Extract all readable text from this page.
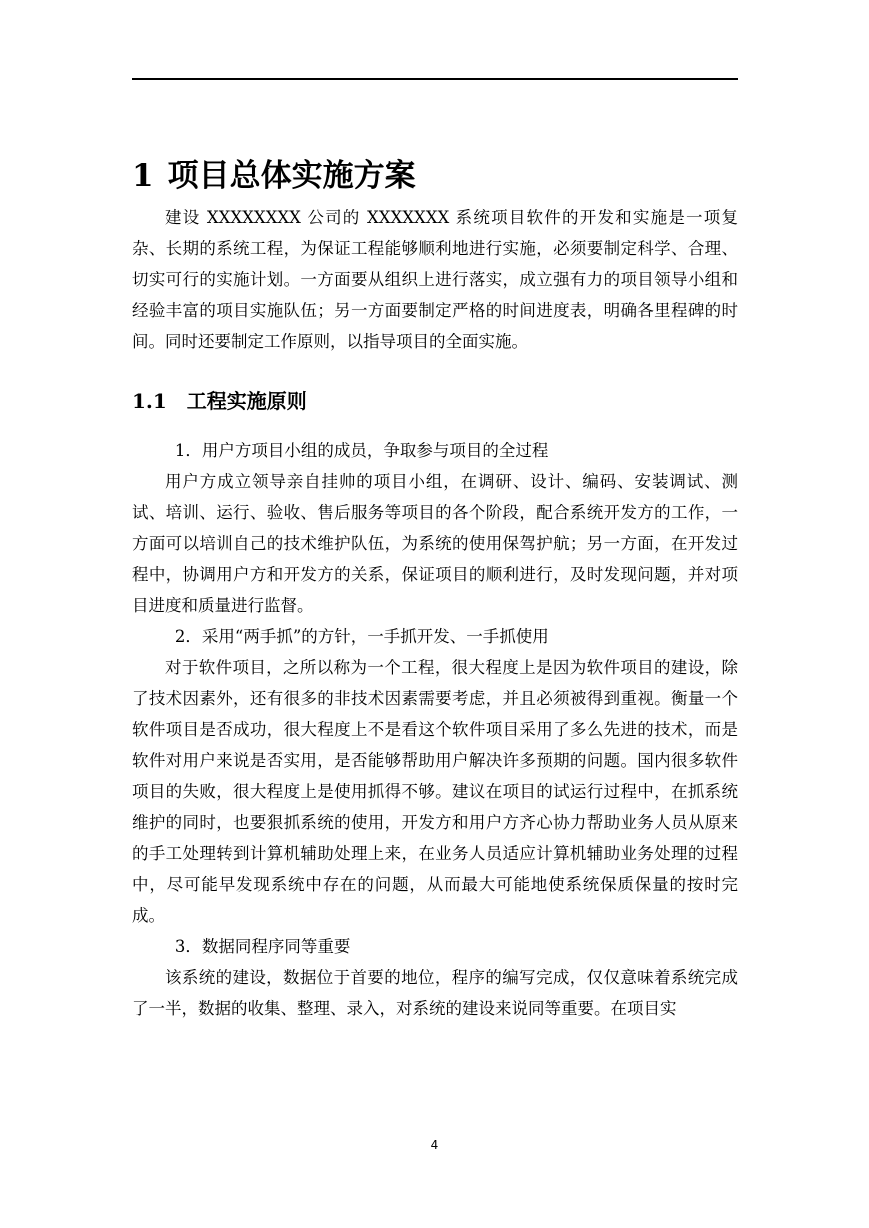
1 项目总体实施方案

建设 XXXXXXXX 公司的 XXXXXXX 系统项目软件的开发和实施是一项复杂、长期的系统工程，为保证工程能够顺利地进行实施，必须要制定科学、合理、切实可行的实施计划。一方面要从组织上进行落实，成立强有力的项目领导小组和经验丰富的项目实施队伍；另一方面要制定严格的时间进度表，明确各里程碑的时间。同时还要制定工作原则，以指导项目的全面实施。

1.1 工程实施原则

1．用户方项目小组的成员，争取参与项目的全过程

用户方成立领导亲自挂帅的项目小组，在调研、设计、编码、安装调试、测试、培训、运行、验收、售后服务等项目的各个阶段，配合系统开发方的工作，一方面可以培训自己的技术维护队伍，为系统的使用保驾护航；另一方面，在开发过程中，协调用户方和开发方的关系，保证项目的顺利进行，及时发现问题，并对项目进度和质量进行监督。

2．采用“两手抓”的方针，一手抓开发、一手抓使用

对于软件项目，之所以称为一个工程，很大程度上是因为软件项目的建设，除了技术因素外，还有很多的非技术因素需要考虑，并且必须被得到重视。衡量一个软件项目是否成功，很大程度上不是看这个软件项目采用了多么先进的技术，而是软件对用户来说是否实用，是否能够帮助用户解决许多预期的问题。国内很多软件项目的失败，很大程度上是使用抓得不够。建议在项目的试运行过程中，在抓系统维护的同时，也要狠抓系统的使用，开发方和用户方齐心协力帮助业务人员从原来的手工处理转到计算机辅助处理上来，在业务人员适应计算机辅助业务处理的过程中，尽可能早发现系统中存在的问题，从而最大可能地使系统保质保量的按时完成。

3．数据同程序同等重要

该系统的建设，数据位于首要的地位，程序的编写完成，仅仅意味着系统完成了一半，数据的收集、整理、录入，对系统的建设来说同等重要。在项目实

4
